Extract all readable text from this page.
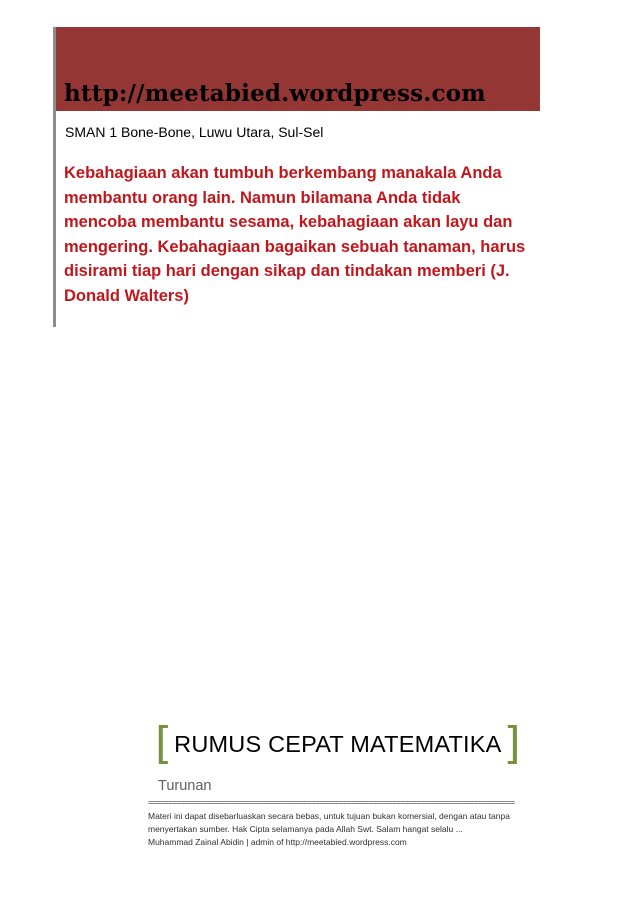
http://meetabied.wordpress.com
SMAN 1 Bone-Bone, Luwu Utara, Sul-Sel
Kebahagiaan akan tumbuh berkembang manakala Anda membantu orang lain. Namun bilamana Anda tidak mencoba membantu sesama, kebahagiaan akan layu dan mengering. Kebahagiaan bagaikan sebuah tanaman, harus disirami tiap hari dengan sikap dan tindakan memberi (J. Donald Walters)
[RUMUS CEPAT MATEMATIKA]
Turunan
==========================================================================================
Materi ini dapat disebarluaskan secara bebas, untuk tujuan bukan komersial, dengan atau tanpa
menyertakan sumber. Hak Cipta selamanya pada Allah Swt. Salam hangat selalu ...
Muhammad Zainal Abidin | admin of http://meetabied.wordpress.com
